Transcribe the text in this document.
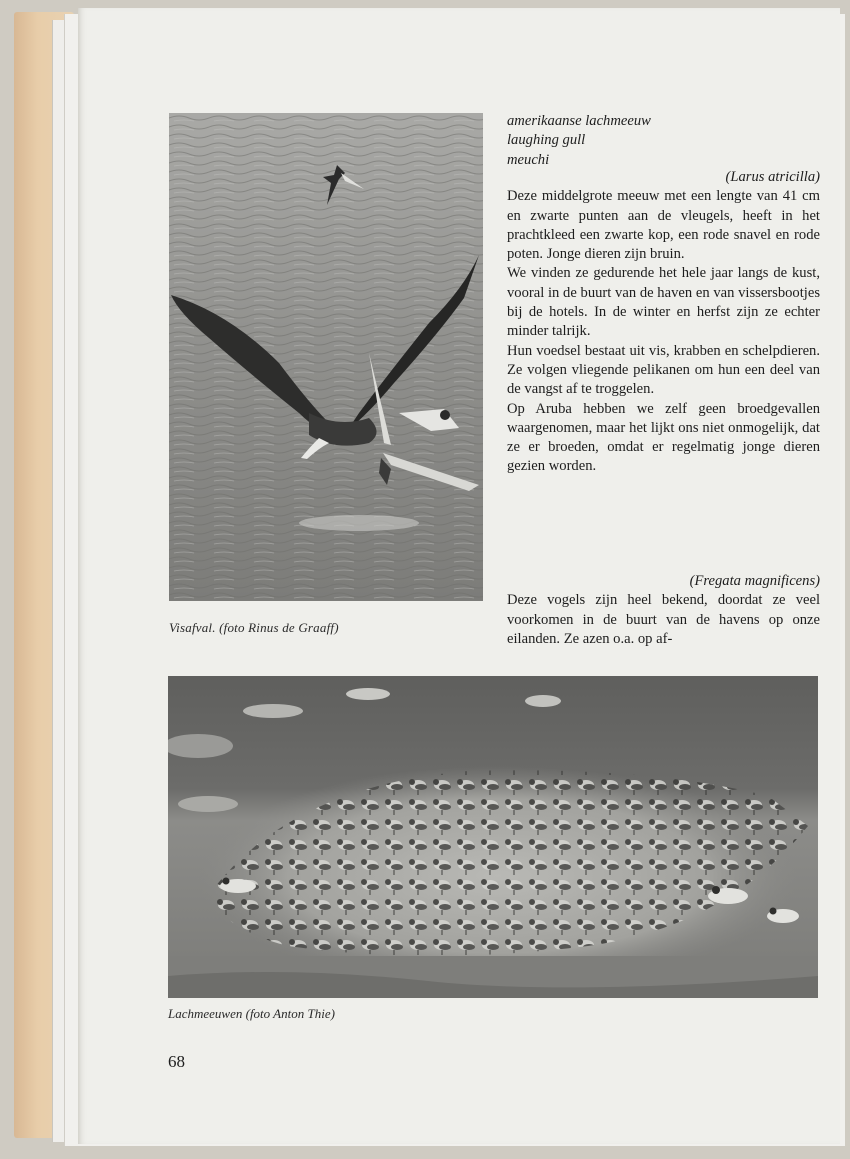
Visafval. (foto Rinus de Graaff)
Lachmeeuwen (foto Anton Thie)
amerikaanse lachmeeuw
laughing gull
meuchi
(Larus atricilla)

Deze middelgrote meeuw met een lengte van 41 cm en zwarte punten aan de vleugels, heeft in het prachtkleed een zwarte kop, een rode snavel en rode poten. Jonge dieren zijn bruin.

We vinden ze gedurende het hele jaar langs de kust, vooral in de buurt van de haven en van vissersbootjes bij de hotels. In de winter en herfst zijn ze echter minder talrijk.

Hun voedsel bestaat uit vis, krabben en schelpdieren. Ze volgen vliegende pelikanen om hun een deel van de vangst af te troggelen.

Op Aruba hebben we zelf geen broedgevallen waargenomen, maar het lijkt ons niet onmogelijk, dat ze er broeden, omdat er regelmatig jonge dieren gezien worden.

(Fregata magnificens)

Deze vogels zijn heel bekend, doordat ze veel voorkomen in de buurt van de havens op onze eilanden. Ze azen o.a. op af-

68
